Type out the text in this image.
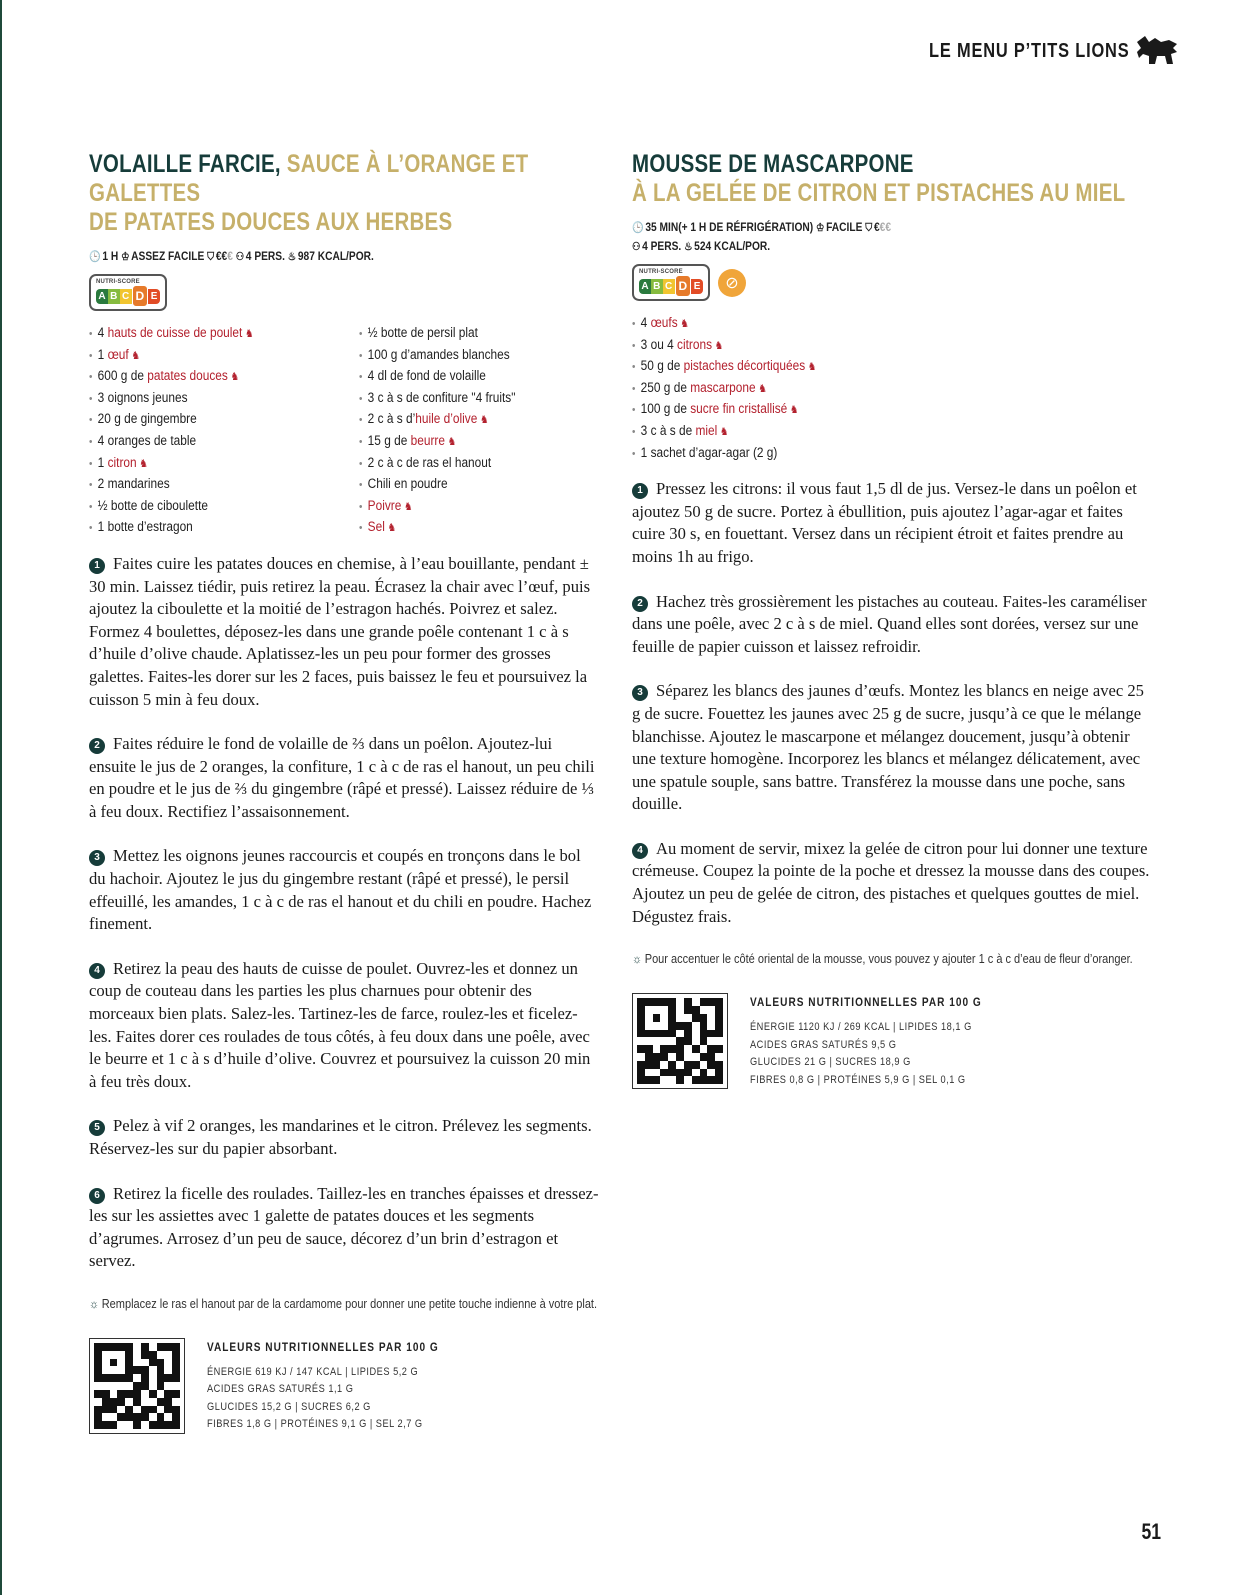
LE MENU P’TITS LIONS
VOLAILLE FARCIE, SAUCE À L’ORANGE ET GALETTES
DE PATATES DOUCES AUX HERBES
🕒 1 H ♔ ASSEZ FACILE ⛉ €€€ ⚇ 4 PERS. ♨ 987 KCAL/POR.
NUTRI-SCORE
A B C D E
• 4 hauts de cuisse de poulet ♞
• 1 œuf ♞
• 600 g de patates douces ♞
• 3 oignons jeunes
• 20 g de gingembre
• 4 oranges de table
• 1 citron ♞
• 2 mandarines
• ½ botte de ciboulette
• 1 botte d’estragon
• ½ botte de persil plat
• 100 g d’amandes blanches
• 4 dl de fond de volaille
• 3 c à s de confiture "4 fruits"
• 2 c à s d’huile d’olive ♞
• 15 g de beurre ♞
• 2 c à c de ras el hanout
• Chili en poudre
• Poivre ♞
• Sel ♞

1 Faites cuire les patates douces en chemise, à l’eau bouillante, pendant ± 30 min. Laissez tiédir, puis retirez la peau. Écrasez la chair avec l’œuf, puis ajoutez la ciboulette et la moitié de l’estragon hachés. Poivrez et salez. Formez 4 boulettes, déposez-les dans une grande poêle contenant 1 c à s d’huile d’olive chaude. Aplatissez-les un peu pour former des grosses galettes. Faites-les dorer sur les 2 faces, puis baissez le feu et poursuivez la cuisson 5 min à feu doux.

2 Faites réduire le fond de volaille de ⅔ dans un poêlon. Ajoutez-lui ensuite le jus de 2 oranges, la confiture, 1 c à c de ras el hanout, un peu chili en poudre et le jus de ⅔ du gingembre (râpé et pressé). Laissez réduire de ⅓ à feu doux. Rectifiez l’assaisonnement.

3 Mettez les oignons jeunes raccourcis et coupés en tronçons dans le bol du hachoir. Ajoutez le jus du gingembre restant (râpé et pressé), le persil effeuillé, les amandes, 1 c à c de ras el hanout et du chili en poudre. Hachez finement.

4 Retirez la peau des hauts de cuisse de poulet. Ouvrez-les et donnez un coup de couteau dans les parties les plus charnues pour obtenir des morceaux bien plats. Salez-les. Tartinez-les de farce, roulez-les et ficelez-les. Faites dorer ces roulades de tous côtés, à feu doux dans une poêle, avec le beurre et 1 c à s d’huile d’olive. Couvrez et poursuivez la cuisson 20 min à feu très doux.

5 Pelez à vif 2 oranges, les mandarines et le citron. Prélevez les segments. Réservez-les sur du papier absorbant.

6 Retirez la ficelle des roulades. Taillez-les en tranches épaisses et dressez-les sur les assiettes avec 1 galette de patates douces et les segments d’agrumes. Arrosez d’un peu de sauce, décorez d’un brin d’estragon et servez.

☼ Remplacez le ras el hanout par de la cardamome pour donner une petite touche indienne à votre plat.
VALEURS NUTRITIONNELLES PAR 100 G
ÉNERGIE 619 KJ / 147 KCAL | LIPIDES 5,2 G
ACIDES GRAS SATURÉS 1,1 G
GLUCIDES 15,2 G | SUCRES 6,2 G
FIBRES 1,8 G | PROTÉINES 9,1 G | SEL 2,7 G
MOUSSE DE MASCARPONE
À LA GELÉE DE CITRON ET PISTACHES AU MIEL
🕒 35 MIN(+ 1 H DE RÉFRIGÉRATION) ♔ FACILE ⛉ €€€
⚇ 4 PERS. ♨ 524 KCAL/POR.
NUTRI-SCORE
A B C D E	⊘
• 4 œufs ♞
• 3 ou 4 citrons ♞
• 50 g de pistaches décortiquées ♞
• 250 g de mascarpone ♞
• 100 g de sucre fin cristallisé ♞
• 3 c à s de miel ♞
• 1 sachet d’agar-agar (2 g)

1 Pressez les citrons: il vous faut 1,5 dl de jus. Versez-le dans un poêlon et ajoutez 50 g de sucre. Portez à ébullition, puis ajoutez l’agar-agar et faites cuire 30 s, en fouettant. Versez dans un récipient étroit et faites prendre au moins 1h au frigo.

2 Hachez très grossièrement les pistaches au couteau. Faites-les caraméliser dans une poêle, avec 2 c à s de miel. Quand elles sont dorées, versez sur une feuille de papier cuisson et laissez refroidir.

3 Séparez les blancs des jaunes d’œufs. Montez les blancs en neige avec 25 g de sucre. Fouettez les jaunes avec 25 g de sucre, jusqu’à ce que le mélange blanchisse. Ajoutez le mascarpone et mélangez doucement, jusqu’à obtenir une texture homogène. Incorporez les blancs et mélangez délicatement, avec une spatule souple, sans battre. Transférez la mousse dans une poche, sans douille.

4 Au moment de servir, mixez la gelée de citron pour lui donner une texture crémeuse. Coupez la pointe de la poche et dressez la mousse dans des coupes. Ajoutez un peu de gelée de citron, des pistaches et quelques gouttes de miel. Dégustez frais.

☼ Pour accentuer le côté oriental de la mousse, vous pouvez y ajouter 1 c à c d’eau de fleur d’oranger.
VALEURS NUTRITIONNELLES PAR 100 G
ÉNERGIE 1120 KJ / 269 KCAL | LIPIDES 18,1 G
ACIDES GRAS SATURÉS 9,5 G
GLUCIDES 21 G | SUCRES 18,9 G
FIBRES 0,8 G | PROTÉINES 5,9 G | SEL 0,1 G
51
